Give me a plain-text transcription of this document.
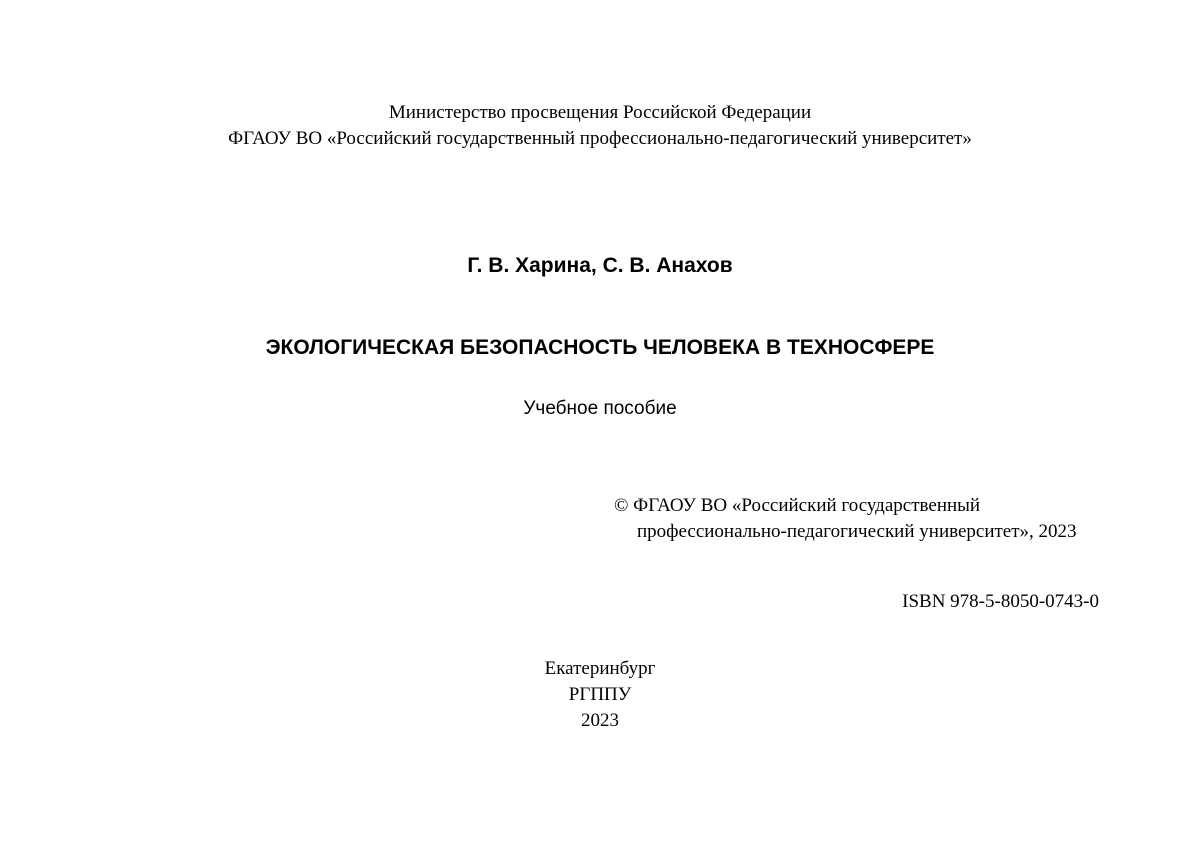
Министерство просвещения Российской Федерации
ФГАОУ ВО «Российский государственный профессионально-педагогический университет»
Г. В. Харина, С. В. Анахов
ЭКОЛОГИЧЕСКАЯ БЕЗОПАСНОСТЬ ЧЕЛОВЕКА В ТЕХНОСФЕРЕ
Учебное пособие
© ФГАОУ ВО «Российский государственный
профессионально-педагогический университет», 2023
ISBN 978-5-8050-0743-0
Екатеринбург
РГППУ
2023
